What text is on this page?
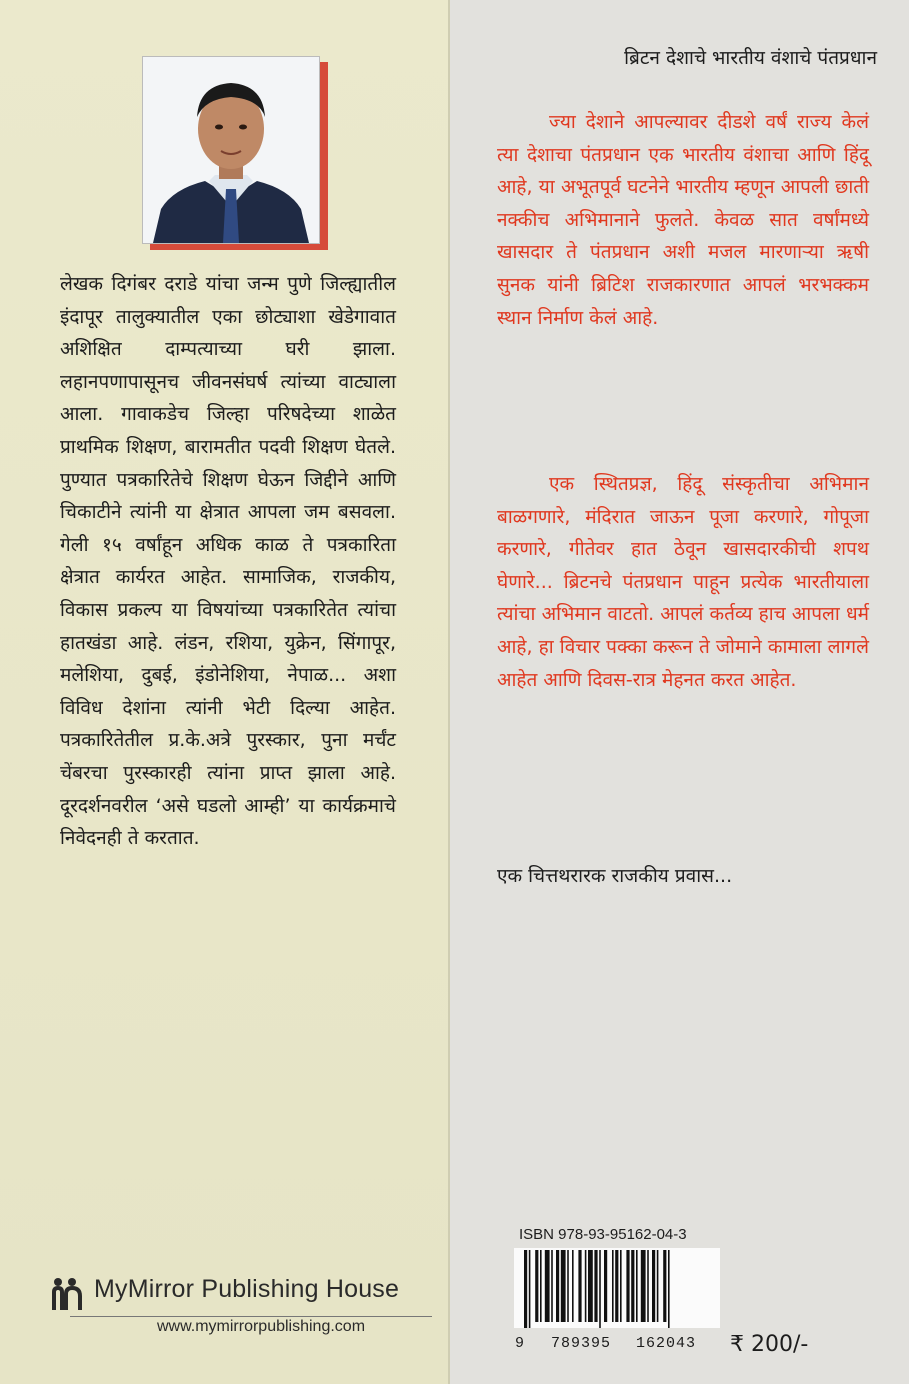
लेखक दिगंबर दराडे यांचा जन्म पुणे जिल्ह्यातील इंदापूर तालुक्यातील एका छोट्याशा खेडेगावात अशिक्षित दाम्पत्याच्या घरी झाला. लहानपणापासूनच जीवनसंघर्ष त्यांच्या वाट्याला आला. गावाकडेच जिल्हा परिषदेच्या शाळेत प्राथमिक शिक्षण, बारामतीत पदवी शिक्षण घेतले. पुण्यात पत्रकारितेचे शिक्षण घेऊन जिद्दीने आणि चिकाटीने त्यांनी या क्षेत्रात आपला जम बसवला. गेली १५ वर्षांहून अधिक काळ ते पत्रकारिता क्षेत्रात कार्यरत आहेत. सामाजिक, राजकीय, विकास प्रकल्प या विषयांच्या पत्रकारितेत त्यांचा हातखंडा आहे. लंडन, रशिया, युक्रेन, सिंगापूर, मलेशिया, दुबई, इंडोनेशिया, नेपाळ... अशा विविध देशांना त्यांनी भेटी दिल्या आहेत. पत्रकारितेतील प्र.के.अत्रे पुरस्कार, पुना मर्चंट चेंबरचा पुरस्कारही त्यांना प्राप्त झाला आहे. दूरदर्शनवरील ‘असे घडलो आम्ही’ या कार्यक्रमाचे निवेदनही ते करतात.

MyMirror Publishing House
www.mymirrorpublishing.com

ब्रिटन देशाचे भारतीय वंशाचे पंतप्रधान

ज्या देशाने आपल्यावर दीडशे वर्षं राज्य केलं त्या देशाचा पंतप्रधान एक भारतीय वंशाचा आणि हिंदू आहे, या अभूतपूर्व घटनेने भारतीय म्हणून आपली छाती नक्कीच अभिमानाने फुलते. केवळ सात वर्षांमध्ये खासदार ते पंतप्रधान अशी मजल मारणाऱ्या ऋषी सुनक यांनी ब्रिटिश राजकारणात आपलं भरभक्कम स्थान निर्माण केलं आहे.

एक स्थितप्रज्ञ, हिंदू संस्कृतीचा अभिमान बाळगणारे, मंदिरात जाऊन पूजा करणारे, गोपूजा करणारे, गीतेवर हात ठेवून खासदारकीची शपथ घेणारे... ब्रिटनचे पंतप्रधान पाहून प्रत्येक भारतीयाला त्यांचा अभिमान वाटतो. आपलं कर्तव्य हाच आपला धर्म आहे, हा विचार पक्का करून ते जोमाने कामाला लागले आहेत आणि दिवस-रात्र मेहनत करत आहेत.

एक चित्तथरारक राजकीय प्रवास...

ISBN 978-93-95162-04-3
9 789395 162043 ₹ 200/-
